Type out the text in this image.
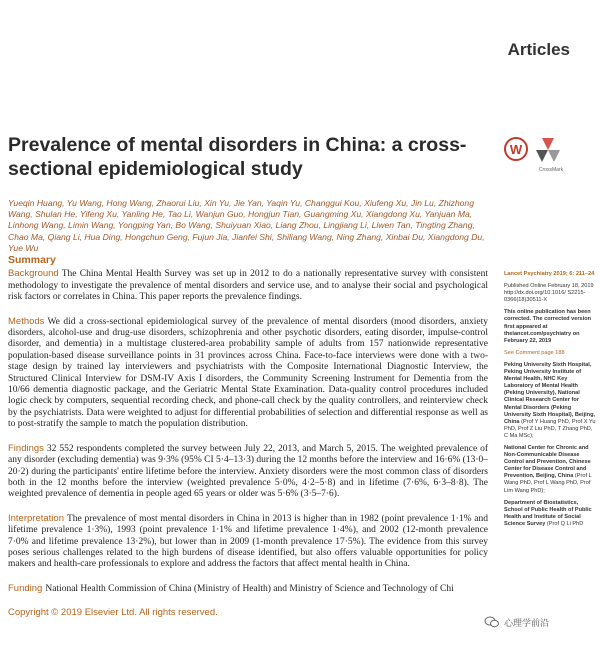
Articles
Prevalence of mental disorders in China: a cross-sectional epidemiological study
W
CrossMark

Yueqin Huang, Yu Wang, Hong Wang, Zhaorui Liu, Xin Yu, Jie Yan, Yaqin Yu, Changgui Kou, Xiufeng Xu, Jin Lu, Zhizhong Wang, Shulan He, Yifeng Xu, Yanling He, Tao Li, Wanjun Guo, Hongjun Tian, Guangming Xu, Xiangdong Xu, Yanjuan Ma, Linhong Wang, Limin Wang, Yongping Yan, Bo Wang, Shuiyuan Xiao, Liang Zhou, Lingjiang Li, Liwen Tan, Tingting Zhang, Chao Ma, Qiang Li, Hua Ding, Hongchun Geng, Fujun Jia, Jianfei Shi, Shiliang Wang, Ning Zhang, Xinbai Du, Xiangdong Du, Yue Wu

Summary

Background The China Mental Health Survey was set up in 2012 to do a nationally representative survey with consistent methodology to investigate the prevalence of mental disorders and service use, and to analyse their social and psychological risk factors or correlates in China. This paper reports the prevalence findings.

Methods We did a cross-sectional epidemiological survey of the prevalence of mental disorders (mood disorders, anxiety disorders, alcohol-use and drug-use disorders, schizophrenia and other psychotic disorders, eating disorder, impulse-control disorder, and dementia) in a multistage clustered-area probability sample of adults from 157 nationwide representative population-based disease surveillance points in 31 provinces across China. Face-to-face interviews were done with a two-stage design by trained lay interviewers and psychiatrists with the Composite International Diagnostic Interview, the Structured Clinical Interview for DSM-IV Axis I disorders, the Community Screening Instrument for Dementia from the 10/66 dementia diagnostic package, and the Geriatric Mental State Examination. Data-quality control procedures included logic check by computers, sequential recording check, and phone-call check by the quality controllers, and reinterview check by the psychiatrists. Data were weighted to adjust for differential probabilities of selection and differential response as well as to post-stratify the sample to match the population distribution.

Findings 32 552 respondents completed the survey between July 22, 2013, and March 5, 2015. The weighted prevalence of any disorder (excluding dementia) was 9·3% (95% CI 5·4–13·3) during the 12 months before the interview and 16·6% (13·0–20·2) during the participants' entire lifetime before the interview. Anxiety disorders were the most common class of disorders both in the 12 months before the interview (weighted prevalence 5·0%, 4·2–5·8) and in lifetime (7·6%, 6·3–8·8). The weighted prevalence of dementia in people aged 65 years or older was 5·6% (3·5–7·6).

Interpretation The prevalence of most mental disorders in China in 2013 is higher than in 1982 (point prevalence 1·1% and lifetime prevalence 1·3%), 1993 (point prevalence 1·1% and lifetime prevalence 1·4%), and 2002 (12-month prevalence 7·0% and lifetime prevalence 13·2%), but lower than in 2009 (1-month prevalence 17·5%). The evidence from this survey poses serious challenges related to the high burdens of disease identified, but also offers valuable opportunities for policy makers and health-care professionals to explore and address the factors that affect mental health in China.

Funding National Health Commission of China (Ministry of Health) and Ministry of Science and Technology of Chi

Copyright © 2019 Elsevier Ltd. All rights reserved.

Lancet Psychiatry 2019; 6: 211–24

Published Online February 18, 2019 http://dx.doi.org/10.1016/ S2215-0366(18)30511-X

This online publication has been corrected. The corrected version first appeared at thelancet.com/psychiatry on February 22, 2019

See Comment page 188

Peking University Sixth Hospital, Peking University Institute of Mental Health, NHC Key Laboratory of Mental Health (Peking University), National Clinical Research Center for Mental Disorders (Peking University Sixth Hospital), Beijing, China (Prof Y Huang PhD, Prof X Yu PhD, Prof Z Liu PhD, T Zhang PhD, C Ma MSc);

National Center for Chronic and Non-Communicable Disease Control and Prevention, Chinese Center for Disease Control and Prevention, Beijing, China (Prof L Wang PhD, Prof L Wang PhD, Prof Lim Wang PhD);

Department of Biostatistics, School of Public Health of Public Health and Institute of Social Science Survey (Prof Q Li PhD

心理学前沿
